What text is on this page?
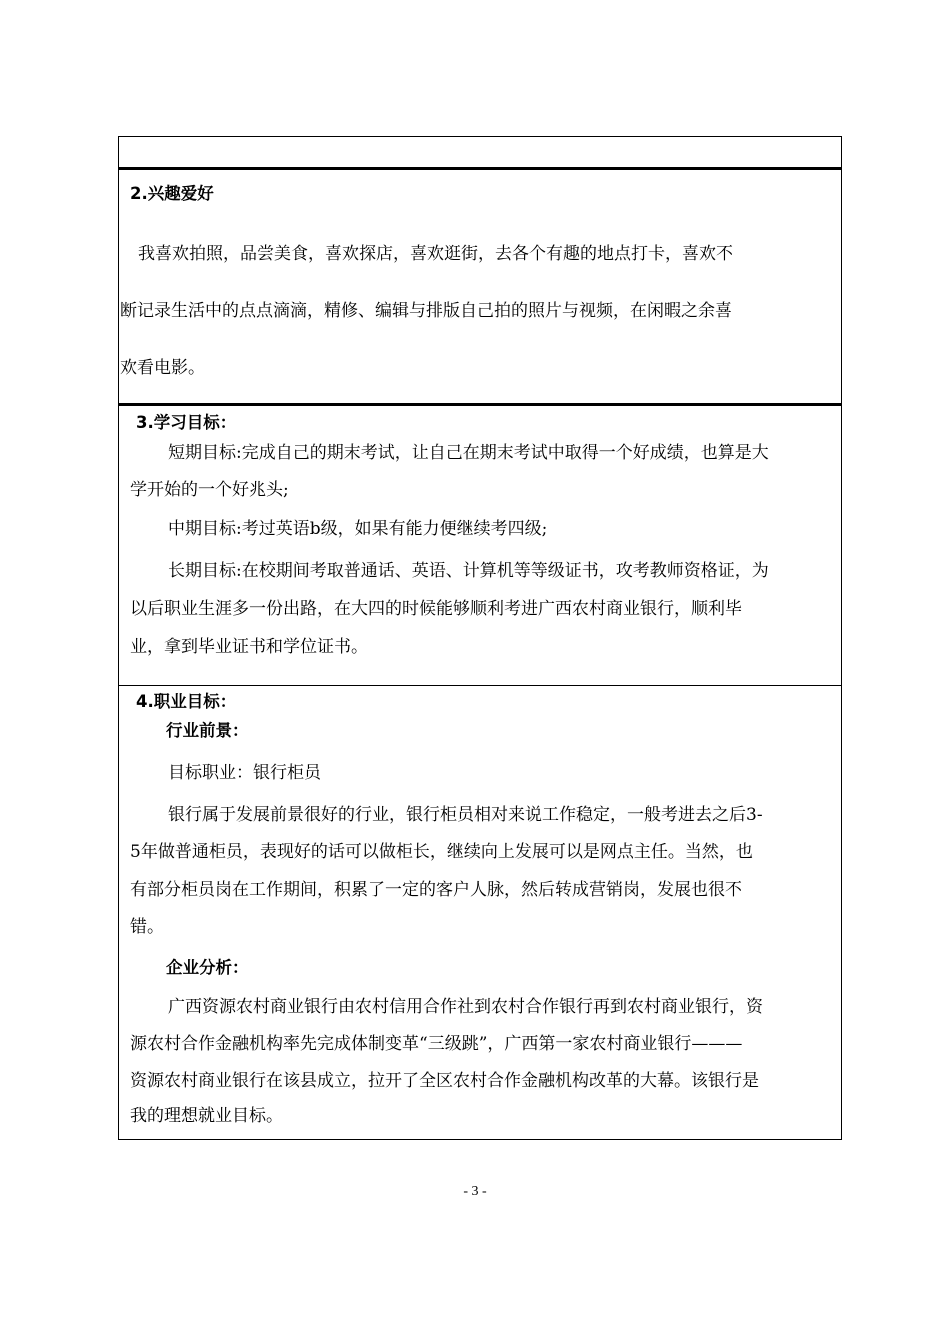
2.兴趣爱好
我喜欢拍照，品尝美食，喜欢探店，喜欢逛街，去各个有趣的地点打卡，喜欢不
断记录生活中的点点滴滴，精修、编辑与排版自己拍的照片与视频，在闲暇之余喜
欢看电影。
3.学习目标：
短期目标:完成自己的期末考试，让自己在期末考试中取得一个好成绩，也算是大
学开始的一个好兆头;
中期目标:考过英语b级，如果有能力便继续考四级;
长期目标:在校期间考取普通话、英语、计算机等等级证书，攻考教师资格证，为
以后职业生涯多一份出路，在大四的时候能够顺利考进广西农村商业银行，顺利毕
业，拿到毕业证书和学位证书。
4.职业目标：
行业前景：
目标职业：银行柜员
银行属于发展前景很好的行业，银行柜员相对来说工作稳定，一般考进去之后3-
5年做普通柜员，表现好的话可以做柜长，继续向上发展可以是网点主任。当然，也
有部分柜员岗在工作期间，积累了一定的客户人脉，然后转成营销岗，发展也很不
错。
企业分析：
广西资源农村商业银行由农村信用合作社到农村合作银行再到农村商业银行，资
源农村合作金融机构率先完成体制变革“三级跳”，广西第一家农村商业银行———
资源农村商业银行在该县成立，拉开了全区农村合作金融机构改革的大幕。该银行是
我的理想就业目标。
- 3 -
